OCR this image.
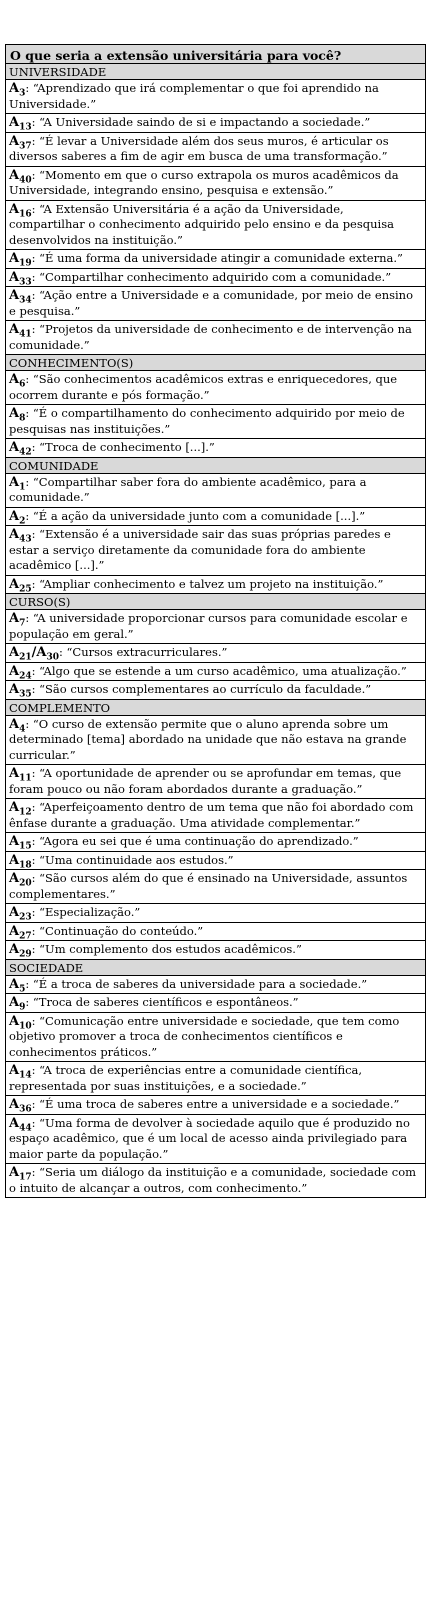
O que seria a extensão universitária para você?
UNIVERSIDADE
$A_3$: “Aprendizado que irá complementar o que foi aprendido na Universidade.”
$A_{13}$: “A Universidade saindo de si e impactando a sociedade.”
$A_{37}$: “É levar a Universidade além dos seus muros, é articular os diversos saberes a fim de agir em busca de uma transformação.”
$A_{40}$: “Momento em que o curso extrapola os muros acadêmicos da Universidade, integrando ensino, pesquisa e extensão.”
$A_{16}$: “A Extensão Universitária é a ação da Universidade, compartilhar o conhecimento adquirido pelo ensino e da pesquisa desenvolvidos na instituição.”
$A_{19}$: “É uma forma da universidade atingir a comunidade externa.”
$A_{33}$: “Compartilhar conhecimento adquirido com a comunidade.”
$A_{34}$: “Ação entre a Universidade e a comunidade, por meio de ensino e pesquisa.”
$A_{41}$: “Projetos da universidade de conhecimento e de intervenção na comunidade.”
CONHECIMENTO(S)
$A_6$: “São conhecimentos acadêmicos extras e enriquecedores, que ocorrem durante e pós formação.”
$A_8$: “É o compartilhamento do conhecimento adquirido por meio de pesquisas nas instituições.”
$A_{42}$: “Troca de conhecimento [...].”
COMUNIDADE
$A_1$: “Compartilhar saber fora do ambiente acadêmico, para a comunidade.”
$A_2$: “É a ação da universidade junto com a comunidade [...].”
$A_{43}$: “Extensão é a universidade sair das suas próprias paredes e estar a serviço diretamente da comunidade fora do ambiente acadêmico [...].”
$A_{25}$: “Ampliar conhecimento e talvez um projeto na instituição.”
CURSO(S)
$A_7$: “A universidade proporcionar cursos para comunidade escolar e população em geral.”
$A_{21}/A_{30}$: “Cursos extracurriculares.”
$A_{24}$: “Algo que se estende a um curso acadêmico, uma atualização.”
$A_{35}$: “São cursos complementares ao currículo da faculdade.”
COMPLEMENTO
$A_4$: “O curso de extensão permite que o aluno aprenda sobre um determinado [tema] abordado na unidade que não estava na grande curricular.”
$A_{11}$: “A oportunidade de aprender ou se aprofundar em temas, que foram pouco ou não foram abordados durante a graduação.”
$A_{12}$: “Aperfeiçoamento dentro de um tema que não foi abordado com ênfase durante a graduação. Uma atividade complementar.”
$A_{15}$: “Agora eu sei que é uma continuação do aprendizado.”
$A_{18}$: “Uma continuidade aos estudos.”
$A_{20}$: “São cursos além do que é ensinado na Universidade, assuntos complementares.”
$A_{23}$: “Especialização.”
$A_{27}$: “Continuação do conteúdo.”
$A_{29}$: “Um complemento dos estudos acadêmicos.”
SOCIEDADE
$A_5$: “É a troca de saberes da universidade para a sociedade.”
$A_9$: “Troca de saberes científicos e espontâneos.”
$A_{10}$: “Comunicação entre universidade e sociedade, que tem como objetivo promover a troca de conhecimentos científicos e conhecimentos práticos.”
$A_{14}$: “A troca de experiências entre a comunidade científica, representada por suas instituições, e a sociedade.”
$A_{36}$: “É uma troca de saberes entre a universidade e a sociedade.”
$A_{44}$: “Uma forma de devolver à sociedade aquilo que é produzido no espaço acadêmico, que é um local de acesso ainda privilegiado para maior parte da população.”
$A_{17}$: “Seria um diálogo da instituição e a comunidade, sociedade com o intuito de alcançar a outros, com conhecimento.”
